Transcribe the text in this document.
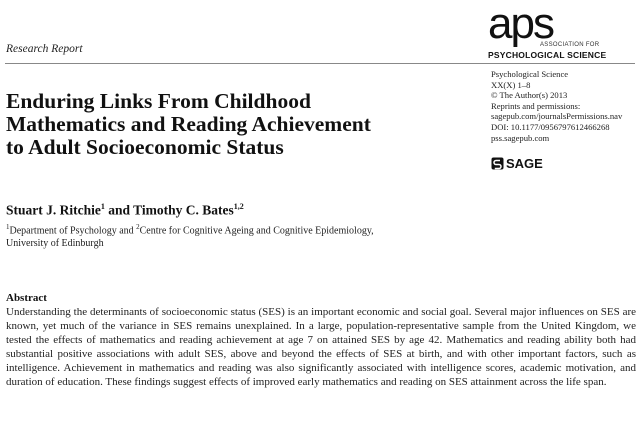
Research Report
aps
ASSOCIATION FOR
PSYCHOLOGICAL SCIENCE
Psychological Science
XX(X) 1–8
© The Author(s) 2013
Reprints and permissions:
sagepub.com/journalsPermissions.nav
DOI: 10.1177/0956797612466268
pss.sagepub.com
SAGE
Enduring Links From Childhood
Mathematics and Reading Achievement
to Adult Socioeconomic Status
Stuart J. Ritchie$^1$ and Timothy C. Bates$^{1,2}$
$^1$Department of Psychology and $^2$Centre for Cognitive Ageing and Cognitive Epidemiology,
University of Edinburgh
Abstract
Understanding the determinants of socioeconomic status (SES) is an important economic and social goal. Several major influences on SES are known, yet much of the variance in SES remains unexplained. In a large, population-representative sample from the United Kingdom, we tested the effects of mathematics and reading achievement at age 7 on attained SES by age 42. Mathematics and reading ability both had substantial positive associations with adult SES, above and beyond the effects of SES at birth, and with other important factors, such as intelligence. Achievement in mathematics and reading was also significantly associated with intelligence scores, academic motivation, and duration of education. These findings suggest effects of improved early mathematics and reading on SES attainment across the life span.
